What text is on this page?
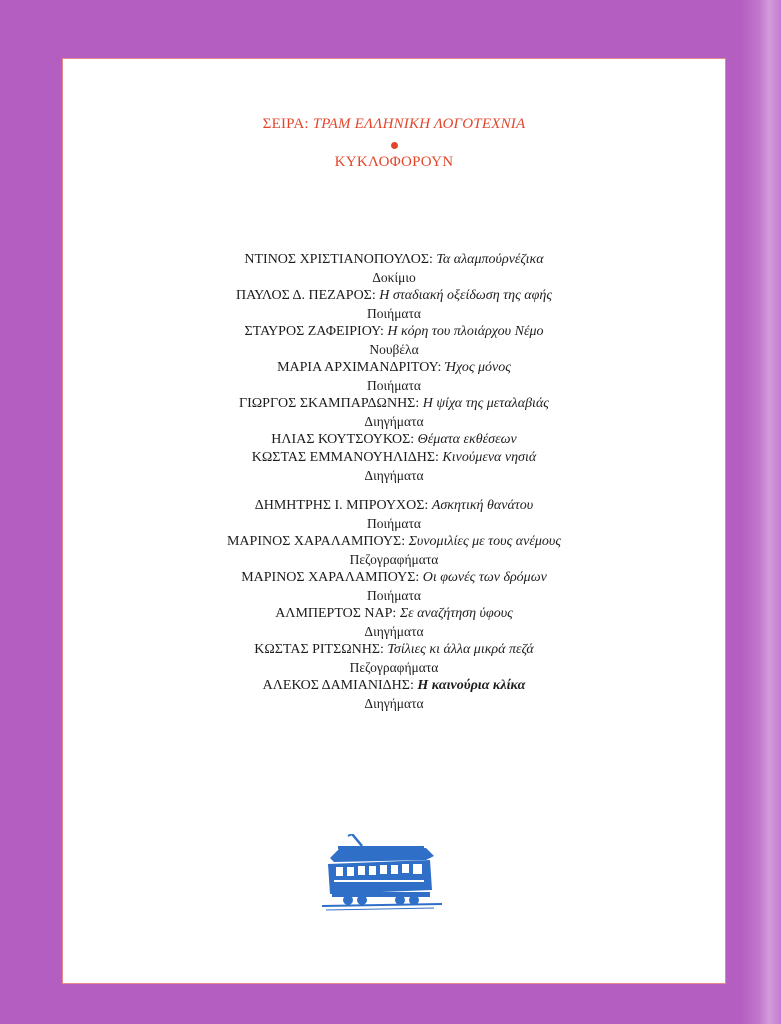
ΣΕΙΡΑ: ΤΡΑΜ ΕΛΛΗΝΙΚΗ ΛΟΓΟΤΕΧΝΙΑ
ΚΥΚΛΟΦΟΡΟΥΝ
ΝΤΙΝΟΣ ΧΡΙΣΤΙΑΝΟΠΟΥΛΟΣ: Τα αλαμπούρνέζικα
Δοκίμιο
ΠΑΥΛΟΣ Δ. ΠΕΖΑΡΟΣ: Η σταδιακή οξείδωση της αφής
Ποιήματα
ΣΤΑΥΡΟΣ ΖΑΦΕΙΡΙΟΥ: Η κόρη του πλοιάρχου Νέμο
Νουβέλα
ΜΑΡΙΑ ΑΡΧΙΜΑΝΔΡΙΤΟΥ: Ήχος μόνος
Ποιήματα
ΓΙΩΡΓΟΣ ΣΚΑΜΠΑΡΔΩΝΗΣ: Η ψίχα της μεταλαβιάς
Διηγήματα
ΗΛΙΑΣ ΚΟΥΤΣΟΥΚΟΣ: Θέματα εκθέσεων
ΚΩΣΤΑΣ ΕΜΜΑΝΟΥΗΛΙΔΗΣ: Κινούμενα νησιά
Διηγήματα
ΔΗΜΗΤΡΗΣ Ι. ΜΠΡΟΥΧΟΣ: Ασκητική θανάτου
Ποιήματα
ΜΑΡΙΝΟΣ ΧΑΡΑΛΑΜΠΟΥΣ: Συνομιλίες με τους ανέμους
Πεζογραφήματα
ΜΑΡΙΝΟΣ ΧΑΡΑΛΑΜΠΟΥΣ: Οι φωνές των δρόμων
Ποιήματα
ΑΛΜΠΕΡΤΟΣ ΝΑΡ: Σε αναζήτηση ύφους
Διηγήματα
ΚΩΣΤΑΣ ΡΙΤΣΩΝΗΣ: Τσίλιες κι άλλα μικρά πεζά
Πεζογραφήματα
ΑΛΕΚΟΣ ΔΑΜΙΑΝΙΔΗΣ: Η καινούρια κλίκα
Διηγήματα
